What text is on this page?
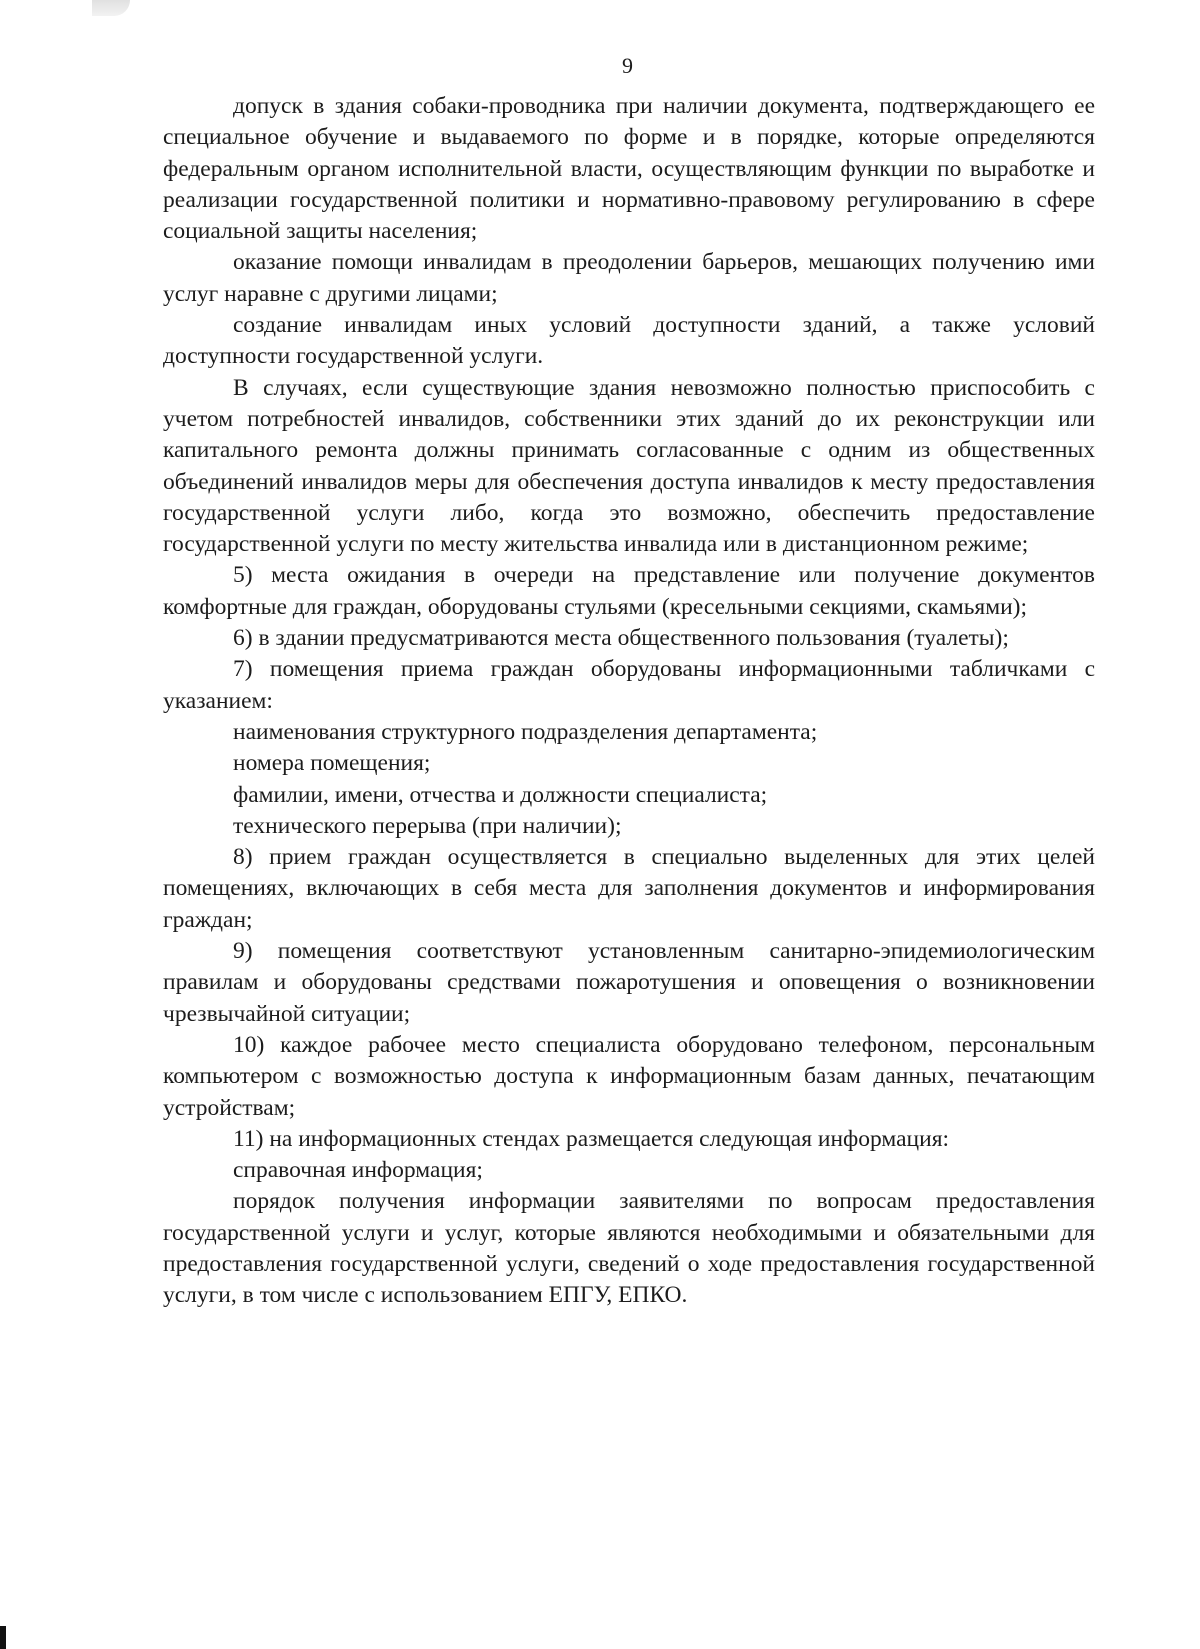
9

допуск в здания собаки-проводника при наличии документа, подтверждающего ее специальное обучение и выдаваемого по форме и в порядке, которые определяются федеральным органом исполнительной власти, осуществляющим функции по выработке и реализации государственной политики и нормативно-правовому регулированию в сфере социальной защиты населения;

оказание помощи инвалидам в преодолении барьеров, мешающих получению ими услуг наравне с другими лицами;

создание инвалидам иных условий доступности зданий, а также условий доступности государственной услуги.

В случаях, если существующие здания невозможно полностью приспособить с учетом потребностей инвалидов, собственники этих зданий до их реконструкции или капитального ремонта должны принимать согласованные с одним из общественных объединений инвалидов меры для обеспечения доступа инвалидов к месту предоставления государственной услуги либо, когда это возможно, обеспечить предоставление государственной услуги по месту жительства инвалида или в дистанционном режиме;

5) места ожидания в очереди на представление или получение документов комфортные для граждан, оборудованы стульями (кресельными секциями, скамьями);

6) в здании предусматриваются места общественного пользования (туалеты);

7) помещения приема граждан оборудованы информационными табличками с указанием:

наименования структурного подразделения департамента;

номера помещения;

фамилии, имени, отчества и должности специалиста;

технического перерыва (при наличии);

8) прием граждан осуществляется в специально выделенных для этих целей помещениях, включающих в себя места для заполнения документов и информирования граждан;

9) помещения соответствуют установленным санитарно-эпидемиологическим правилам и оборудованы средствами пожаротушения и оповещения о возникновении чрезвычайной ситуации;

10) каждое рабочее место специалиста оборудовано телефоном, персональным компьютером с возможностью доступа к информационным базам данных, печатающим устройствам;

11) на информационных стендах размещается следующая информация:

справочная информация;

порядок получения информации заявителями по вопросам предоставления государственной услуги и услуг, которые являются необходимыми и обязательными для предоставления государственной услуги, сведений о ходе предоставления государственной услуги, в том числе с использованием ЕПГУ, ЕПКО.
